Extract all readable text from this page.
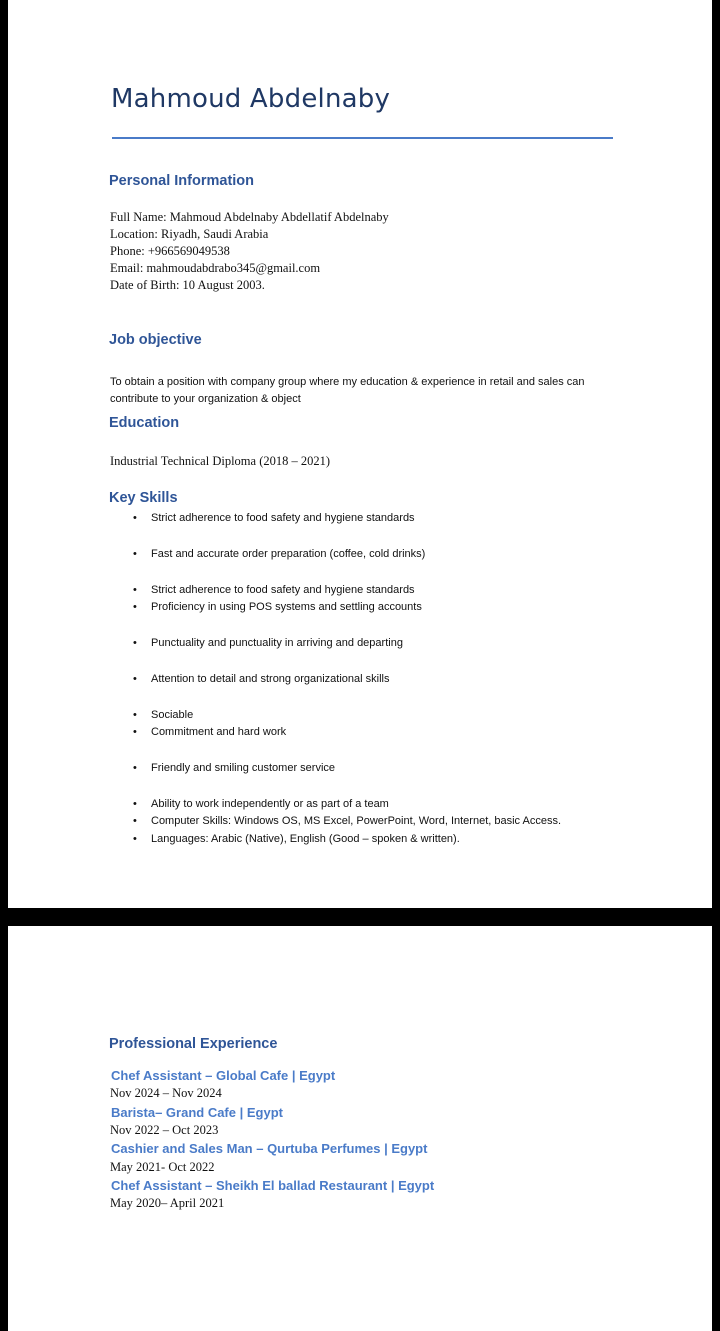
Mahmoud Abdelnaby
Personal Information
Full Name: Mahmoud Abdelnaby Abdellatif Abdelnaby
Location: Riyadh, Saudi Arabia
Phone: +966569049538
Email: mahmoudabdrabo345@gmail.com
Date of Birth: 10 August 2003.
Job objective

To obtain a position with company group where my education & experience in retail and sales can contribute to your organization & object

Education
Industrial Technical Diploma (2018 – 2021)
Key Skills
• Strict adherence to food safety and hygiene standards
• Fast and accurate order preparation (coffee, cold drinks)
• Strict adherence to food safety and hygiene standards
• Proficiency in using POS systems and settling accounts
• Punctuality and punctuality in arriving and departing
• Attention to detail and strong organizational skills
• Sociable
• Commitment and hard work
• Friendly and smiling customer service
• Ability to work independently or as part of a team
• Computer Skills: Windows OS, MS Excel, PowerPoint, Word, Internet, basic Access.
• Languages: Arabic (Native), English (Good – spoken & written).
Professional Experience
Chef Assistant – Global Cafe | Egypt
Nov 2024 – Nov 2024
Barista– Grand Cafe | Egypt
Nov 2022 – Oct 2023
Cashier and Sales Man – Qurtuba Perfumes | Egypt
May 2021- Oct 2022
Chef Assistant – Sheikh El ballad Restaurant | Egypt
May 2020– April 2021
